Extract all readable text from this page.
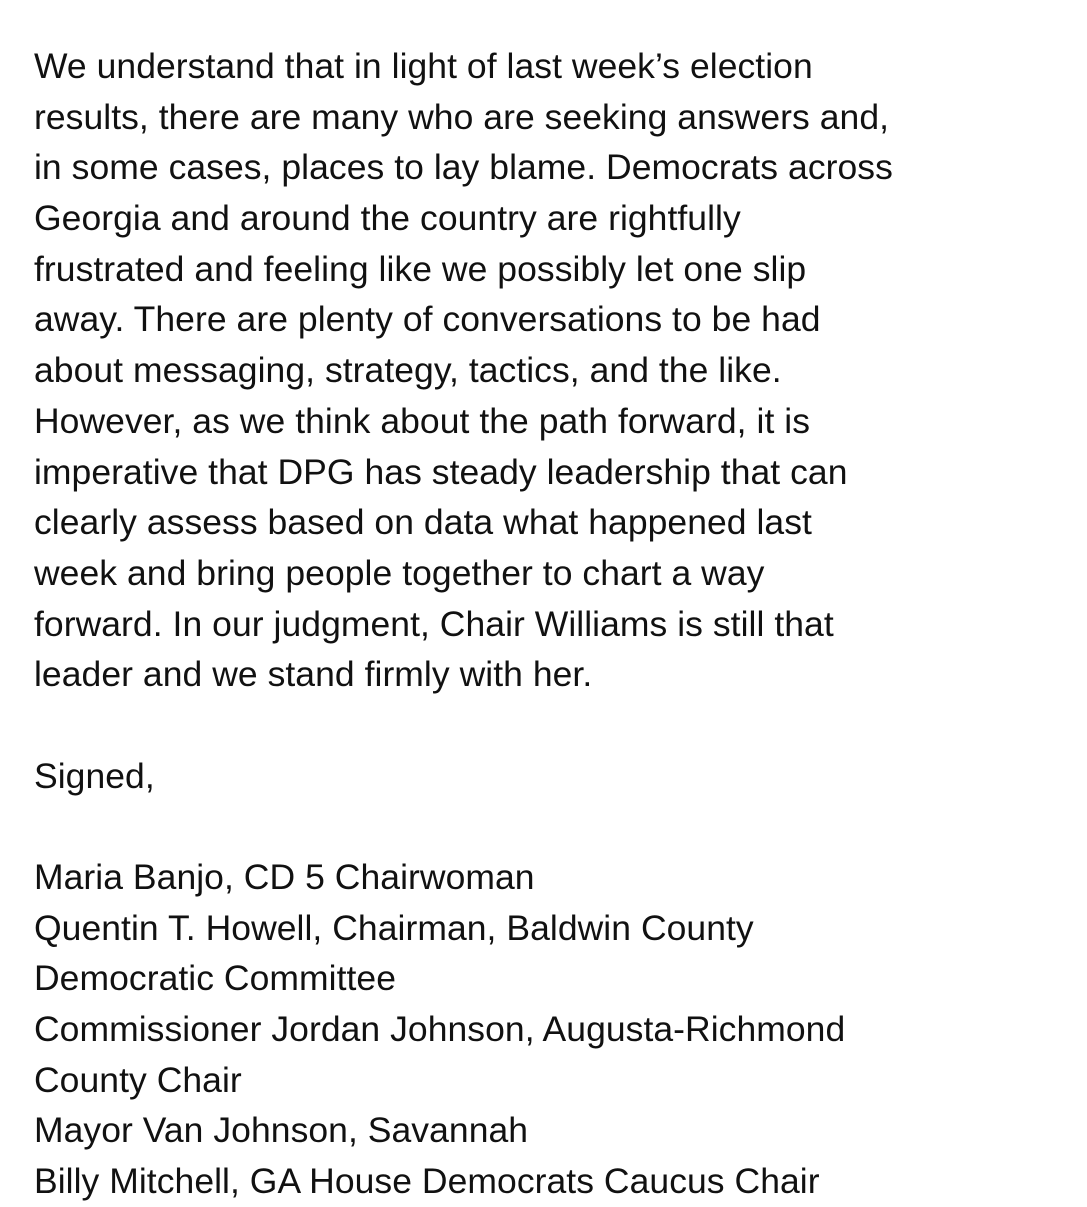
We understand that in light of last week’s election
results, there are many who are seeking answers and,
in some cases, places to lay blame. Democrats across
Georgia and around the country are rightfully
frustrated and feeling like we possibly let one slip
away. There are plenty of conversations to be had
about messaging, strategy, tactics, and the like.
However, as we think about the path forward, it is
imperative that DPG has steady leadership that can
clearly assess based on data what happened last
week and bring people together to chart a way
forward. In our judgment, Chair Williams is still that
leader and we stand firmly with her.
Signed,
Maria Banjo, CD 5 Chairwoman
Quentin T. Howell, Chairman, Baldwin County
Democratic Committee
Commissioner Jordan Johnson, Augusta-Richmond
County Chair
Mayor Van Johnson, Savannah
Billy Mitchell, GA House Democrats Caucus Chair
